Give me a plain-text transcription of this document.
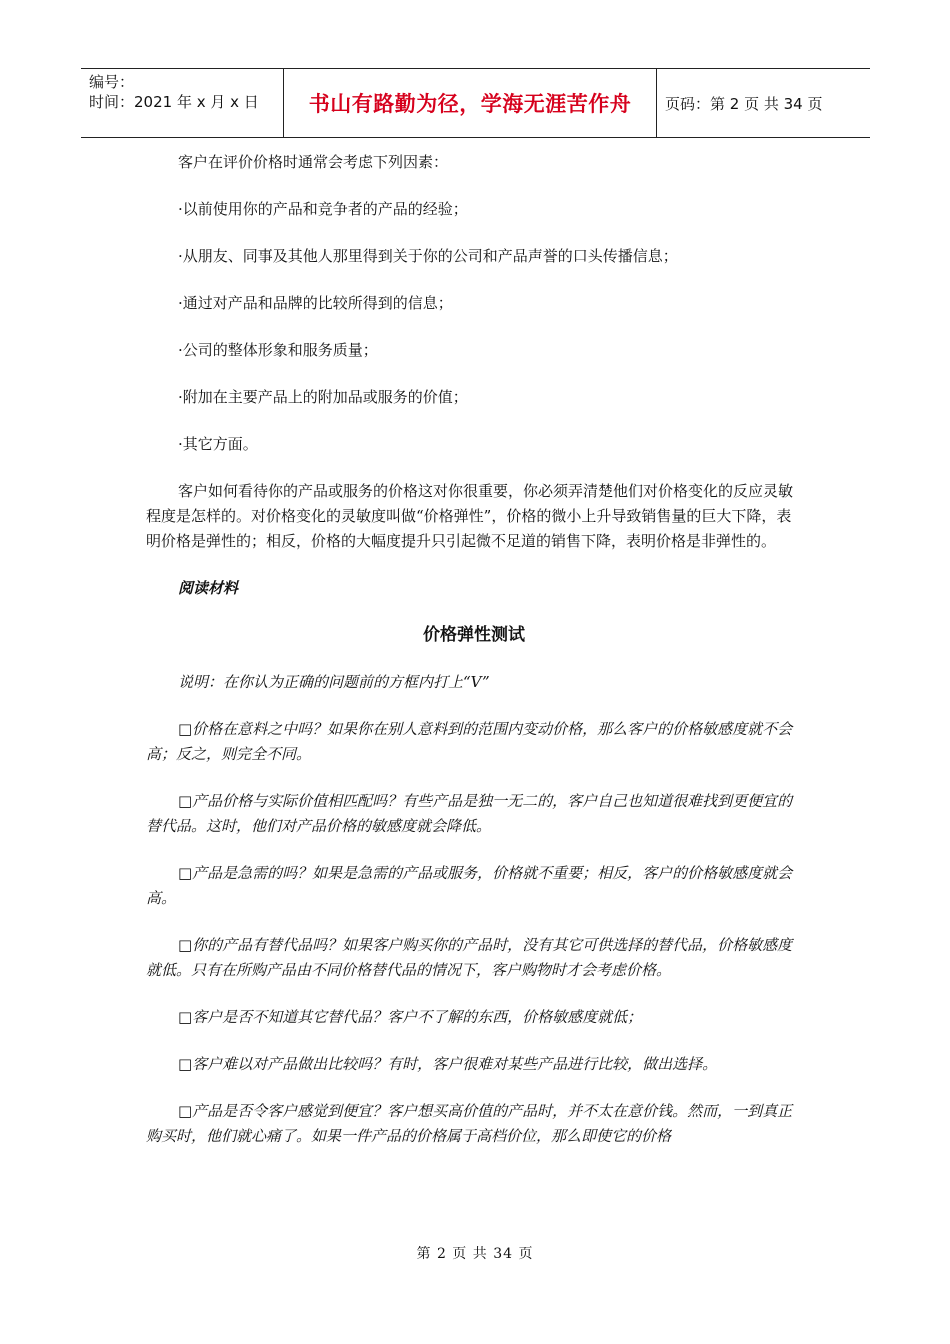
编号：
时间：2021 年 x 月 x 日	书山有路勤为径，学海无涯苦作舟	页码：第 2 页 共 34 页

客户在评价价格时通常会考虑下列因素：

·以前使用你的产品和竞争者的产品的经验；

·从朋友、同事及其他人那里得到关于你的公司和产品声誉的口头传播信息；

·通过对产品和品牌的比较所得到的信息；

·公司的整体形象和服务质量；

·附加在主要产品上的附加品或服务的价值；

·其它方面。

客户如何看待你的产品或服务的价格这对你很重要，你必须弄清楚他们对价格变化的反应灵敏程度是怎样的。对价格变化的灵敏度叫做“价格弹性”，价格的微小上升导致销售量的巨大下降，表明价格是弹性的；相反，价格的大幅度提升只引起微不足道的销售下降，表明价格是非弹性的。

阅读材料

价格弹性测试

说明：在你认为正确的问题前的方框内打上“V”

□价格在意料之中吗？如果你在别人意料到的范围内变动价格，那么客户的价格敏感度就不会高；反之，则完全不同。

□产品价格与实际价值相匹配吗？有些产品是独一无二的，客户自己也知道很难找到更便宜的替代品。这时，他们对产品价格的敏感度就会降低。

□产品是急需的吗？如果是急需的产品或服务，价格就不重要；相反，客户的价格敏感度就会高。

□你的产品有替代品吗？如果客户购买你的产品时，没有其它可供选择的替代品，价格敏感度就低。只有在所购产品由不同价格替代品的情况下，客户购物时才会考虑价格。

□客户是否不知道其它替代品？客户不了解的东西，价格敏感度就低；

□客户难以对产品做出比较吗？有时，客户很难对某些产品进行比较，做出选择。

□产品是否令客户感觉到便宜？客户想买高价值的产品时，并不太在意价钱。然而，一到真正购买时，他们就心痛了。如果一件产品的价格属于高档价位，那么即使它的价格

第 2 页 共 34 页
